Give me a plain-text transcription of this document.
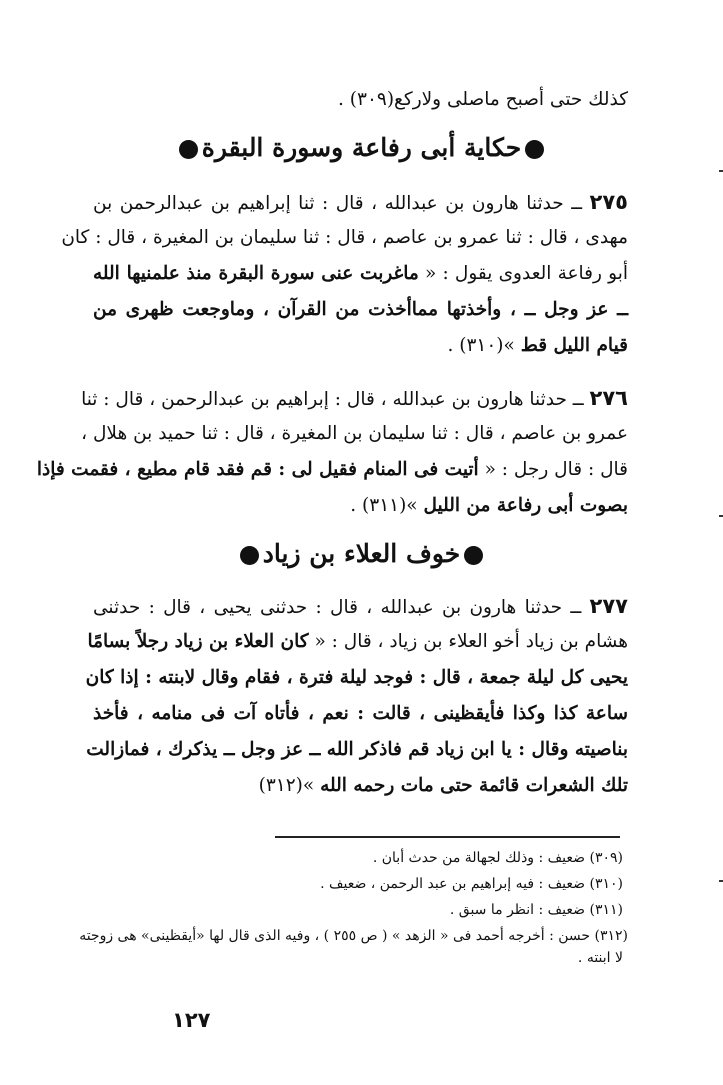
كذلك حتى أصبح ماصلى ولاركع(٣٠٩) .
حكاية أبى رفاعة وسورة البقرة
٢٧٥ ــ حدثنا هارون بن عبدالله ، قال : ثنا إبراهيم بن عبدالرحمن بن
مهدى ، قال : ثنا عمرو بن عاصم ، قال : ثنا سليمان بن المغيرة ، قال : كان
أبو رفاعة العدوى يقول : « ماغربت عنى سورة البقرة منذ علمنيها الله
ــ عز وجل ــ ، وأخذتها مماأخذت من القرآن ، وماوجعت ظهرى من
قيام الليل قط »(٣١٠) .
٢٧٦ ــ حدثنا هارون بن عبدالله ، قال : إبراهيم بن عبدالرحمن ، قال : ثنا
عمرو بن عاصم ، قال : ثنا سليمان بن المغيرة ، قال : ثنا حميد بن هلال ،
قال : قال رجل : « أتيت فى المنام فقيل لى : قم فقد قام مطيع ، فقمت فإذا
بصوت أبى رفاعة من الليل »(٣١١) .
خوف العلاء بن زياد
٢٧٧ ــ حدثنا هارون بن عبدالله ، قال : حدثنى يحيى ، قال : حدثنى
هشام بن زياد أخو العلاء بن زياد ، قال : « كان العلاء بن زياد رجلاً بسامًا
يحيى كل ليلة جمعة ، قال : فوجد ليلة فترة ، فقام وقال لابنته : إذا كان
ساعة كذا وكذا فأيقظينى ، قالت : نعم ، فأتاه آت فى منامه ، فأخذ
بناصيته وقال : يا ابن زياد قم فاذكر الله ــ عز وجل ــ يذكرك ، فمازالت
تلك الشعرات قائمة حتى مات رحمه الله »(٣١٢)
(٣٠٩) ضعيف : وذلك لجهالة من حدث أبان .
(٣١٠) ضعيف : فيه إبراهيم بن عبد الرحمن ، ضعيف .
(٣١١) ضعيف : انظر ما سبق .
(٣١٢) حسن : أخرجه أحمد فى « الزهد » ( ص ٢٥٥ ) ، وفيه الذى قال لها «أيقظينى» هى زوجته
لا ابنته .
١٢٧
